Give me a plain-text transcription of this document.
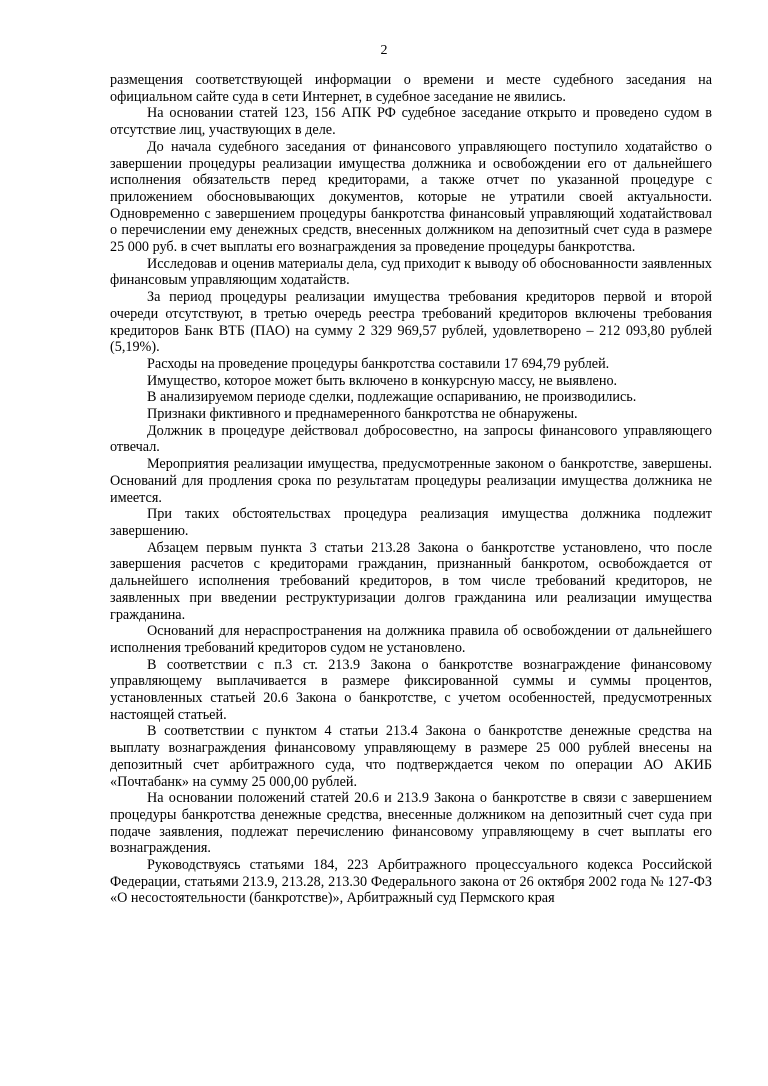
2

размещения соответствующей информации о времени и месте судебного заседания на официальном сайте суда в сети Интернет, в судебное заседание не явились.

На основании статей 123, 156 АПК РФ судебное заседание открыто и проведено судом в отсутствие лиц, участвующих в деле.

До начала судебного заседания от финансового управляющего поступило ходатайство о завершении процедуры реализации имущества должника и освобождении его от дальнейшего исполнения обязательств перед кредиторами, а также отчет по указанной процедуре с приложением обосновывающих документов, которые не утратили своей актуальности. Одновременно с завершением процедуры банкротства финансовый управляющий ходатайствовал о перечислении ему денежных средств, внесенных должником на депозитный счет суда в размере 25 000 руб. в счет выплаты его вознаграждения за проведение процедуры банкротства.

Исследовав и оценив материалы дела, суд приходит к выводу об обоснованности заявленных финансовым управляющим ходатайств.

За период процедуры реализации имущества требования кредиторов первой и второй очереди отсутствуют, в третью очередь реестра требований кредиторов включены требования кредиторов Банк ВТБ (ПАО) на сумму 2 329 969,57 рублей, удовлетворено – 212 093,80 рублей (5,19%).

Расходы на проведение процедуры банкротства составили 17 694,79 рублей.

Имущество, которое может быть включено в конкурсную массу, не выявлено.

В анализируемом периоде сделки, подлежащие оспариванию, не производились.

Признаки фиктивного и преднамеренного банкротства не обнаружены.

Должник в процедуре действовал добросовестно, на запросы финансового управляющего отвечал.

Мероприятия реализации имущества, предусмотренные законом о банкротстве, завершены. Оснований для продления срока по результатам процедуры реализации имущества должника не имеется.

При таких обстоятельствах процедура реализация имущества должника подлежит завершению.

Абзацем первым пункта 3 статьи 213.28 Закона о банкротстве установлено, что после завершения расчетов с кредиторами гражданин, признанный банкротом, освобождается от дальнейшего исполнения требований кредиторов, в том числе требований кредиторов, не заявленных при введении реструктуризации долгов гражданина или реализации имущества гражданина.

Оснований для нераспространения на должника правила об освобождении от дальнейшего исполнения требований кредиторов судом не установлено.

В соответствии с п.3 ст. 213.9 Закона о банкротстве вознаграждение финансовому управляющему выплачивается в размере фиксированной суммы и суммы процентов, установленных статьей 20.6 Закона о банкротстве, с учетом особенностей, предусмотренных настоящей статьей.

В соответствии с пунктом 4 статьи 213.4 Закона о банкротстве денежные средства на выплату вознаграждения финансовому управляющему в размере 25 000 рублей внесены на депозитный счет арбитражного суда, что подтверждается чеком по операции АО АКИБ «Почтабанк» на сумму 25 000,00 рублей.

На основании положений статей 20.6 и 213.9 Закона о банкротстве в связи с завершением процедуры банкротства денежные средства, внесенные должником на депозитный счет суда при подаче заявления, подлежат перечислению финансовому управляющему в счет выплаты его вознаграждения.

Руководствуясь статьями 184, 223 Арбитражного процессуального кодекса Российской Федерации, статьями 213.9, 213.28, 213.30 Федерального закона от 26 октября 2002 года № 127-ФЗ «О несостоятельности (банкротстве)», Арбитражный суд Пермского края
